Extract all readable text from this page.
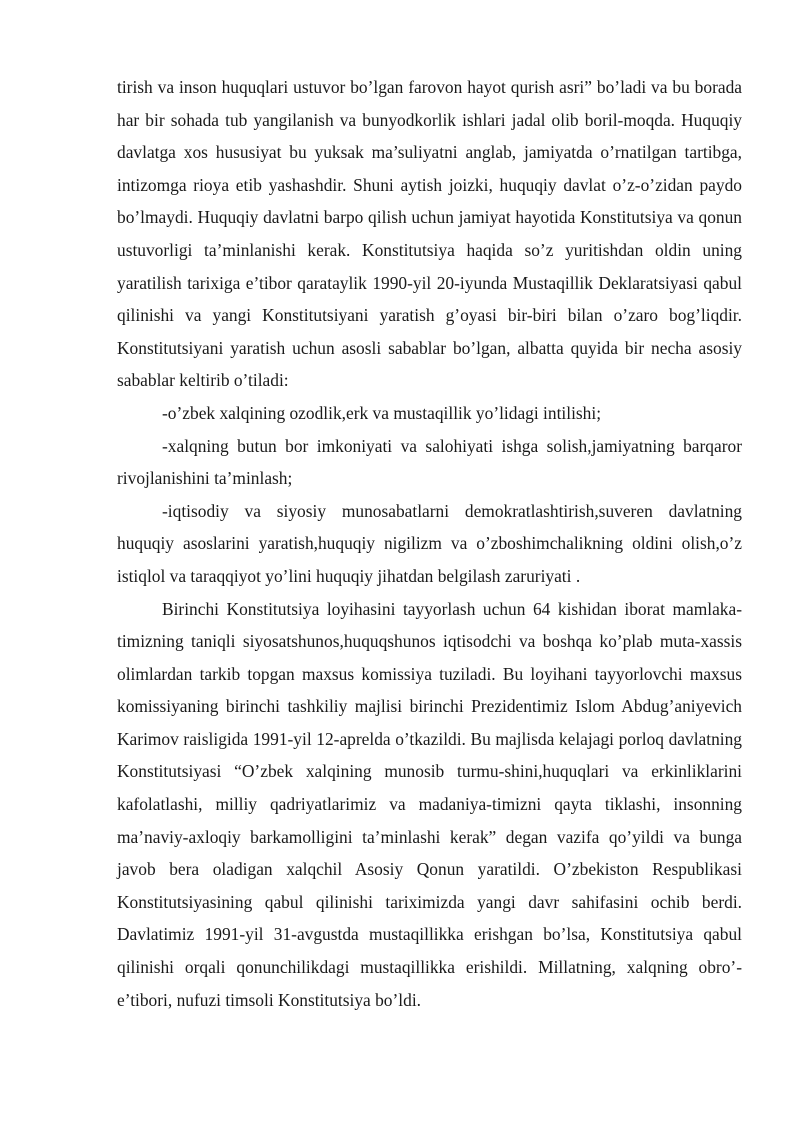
tirish va inson huquqlari ustuvor bo’lgan farovon hayot qurish asri” bo’ladi va bu borada har bir sohada tub yangilanish va bunyodkorlik ishlari jadal olib boril-moqda. Huquqiy davlatga xos hususiyat bu yuksak ma’suliyatni anglab, jamiyatda o’rnatilgan tartibga, intizomga rioya etib yashashdir. Shuni aytish joizki, huquqiy davlat o’z-o’zidan paydo bo’lmaydi. Huquqiy davlatni barpo qilish uchun jamiyat hayotida Konstitutsiya va qonun ustuvorligi ta’minlanishi kerak. Konstitutsiya haqida so’z yuritishdan oldin uning yaratilish tarixiga e’tibor qarataylik 1990-yil 20-iyunda Mustaqillik Deklaratsiyasi qabul qilinishi va yangi Konstitutsiyani yaratish g’oyasi bir-biri bilan o’zaro bog’liqdir. Konstitutsiyani yaratish uchun asosli sabablar bo’lgan, albatta quyida bir necha asosiy sabablar keltirib o’tiladi:

-o’zbek xalqining ozodlik,erk va mustaqillik yo’lidagi intilishi;

-xalqning butun bor imkoniyati va salohiyati ishga solish,jamiyatning barqaror rivojlanishini ta’minlash;

-iqtisodiy va siyosiy munosabatlarni demokratlashtirish,suveren davlatning huquqiy asoslarini yaratish,huquqiy nigilizm va o’zboshimchalikning oldini olish,o’z istiqlol va taraqqiyot yo’lini huquqiy jihatdan belgilash zaruriyati .

Birinchi Konstitutsiya loyihasini tayyorlash uchun 64 kishidan iborat mamlaka-timizning taniqli siyosatshunos,huquqshunos iqtisodchi va boshqa ko’plab muta-xassis olimlardan tarkib topgan maxsus komissiya tuziladi. Bu loyihani tayyorlovchi maxsus komissiyaning birinchi tashkiliy majlisi birinchi Prezidentimiz Islom Abdug’aniyevich Karimov raisligida 1991-yil 12-aprelda o’tkazildi. Bu majlisda kelajagi porloq davlatning Konstitutsiyasi “O’zbek xalqining munosib turmu-shini,huquqlari va erkinliklarini kafolatlashi, milliy qadriyatlarimiz va madaniya-timizni qayta tiklashi, insonning ma’naviy-axloqiy barkamolligini ta’minlashi kerak” degan vazifa qo’yildi va bunga javob bera oladigan xalqchil Asosiy Qonun yaratildi. O’zbekiston Respublikasi Konstitutsiyasining qabul qilinishi tariximizda yangi davr sahifasini ochib berdi. Davlatimiz 1991-yil 31-avgustda mustaqillikka erishgan bo’lsa, Konstitutsiya qabul qilinishi orqali qonunchilikdagi mustaqillikka erishildi. Millatning, xalqning obro’-e’tibori, nufuzi timsoli Konstitutsiya bo’ldi.
